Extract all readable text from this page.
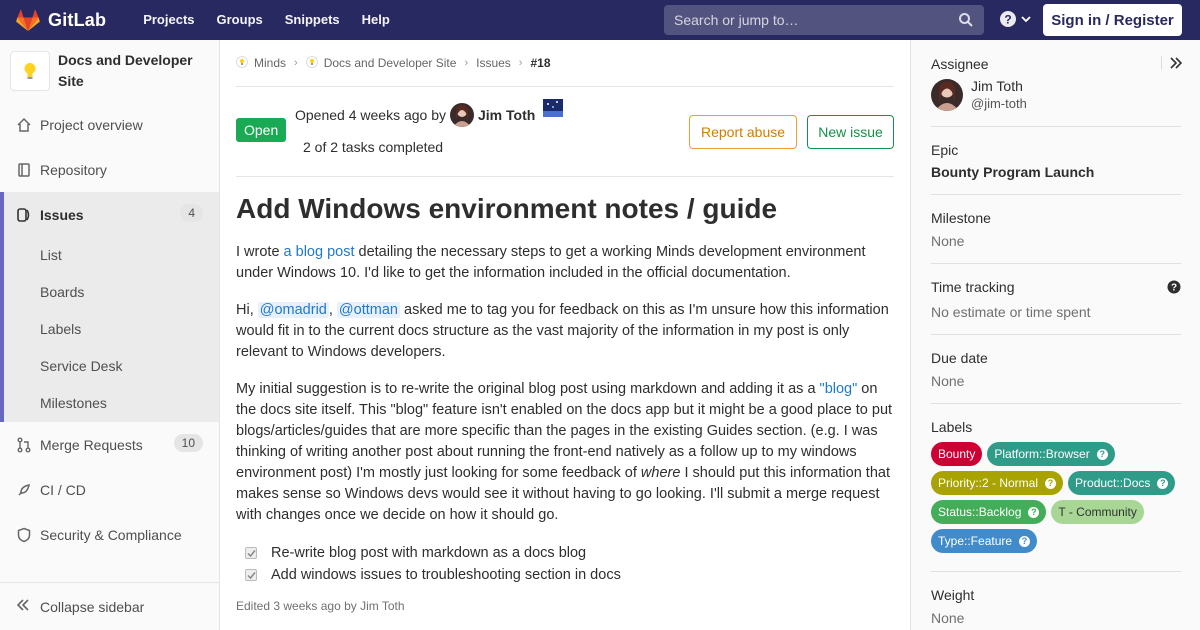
GitLab	Projects	Groups	Snippets	Help
Search or jump to…	?	Sign in / Register
Docs and Developer Site
Project overview
Repository
Issues	4
List
Boards
Labels
Service Desk
Milestones
Merge Requests	10
CI / CD
Security & Compliance
Collapse sidebar
Minds › Docs and Developer Site › Issues › #18
Open
Opened 4 weeks ago by Jim Toth
2 of 2 tasks completed
Report abuse	New issue
Add Windows environment notes / guide

I wrote a blog post detailing the necessary steps to get a working Minds development environment under Windows 10. I'd like to get the information included in the official documentation.

Hi, @omadrid , @ottman asked me to tag you for feedback on this as I'm unsure how this information would fit in to the current docs structure as the vast majority of the information in my post is only relevant to Windows developers.

My initial suggestion is to re-write the original blog post using markdown and adding it as a "blog" on the docs site itself. This "blog" feature isn't enabled on the docs app but it might be a good place to put blogs/articles/guides that are more specific than the pages in the existing Guides section. (e.g. I was thinking of writing another post about running the front-end natively as a follow up to my windows environment post) I'm mostly just looking for some feedback of where I should put this information that makes sense so Windows devs would see it without having to go looking. I'll submit a merge request with changes once we decide on how it should go.

Re-write blog post with markdown as a docs blog
Add windows issues to troubleshooting section in docs
Edited 3 weeks ago by Jim Toth
Assignee
Jim Toth
@jim-toth
Epic
Bounty Program Launch
Milestone
None
Time tracking	?
No estimate or time spent
Due date
None
Labels
Bounty Platform::Browser	?
Priority::2 - Normal	? Product::Docs	?
Status::Backlog	? T - Community
Type::Feature	?
Weight
None
